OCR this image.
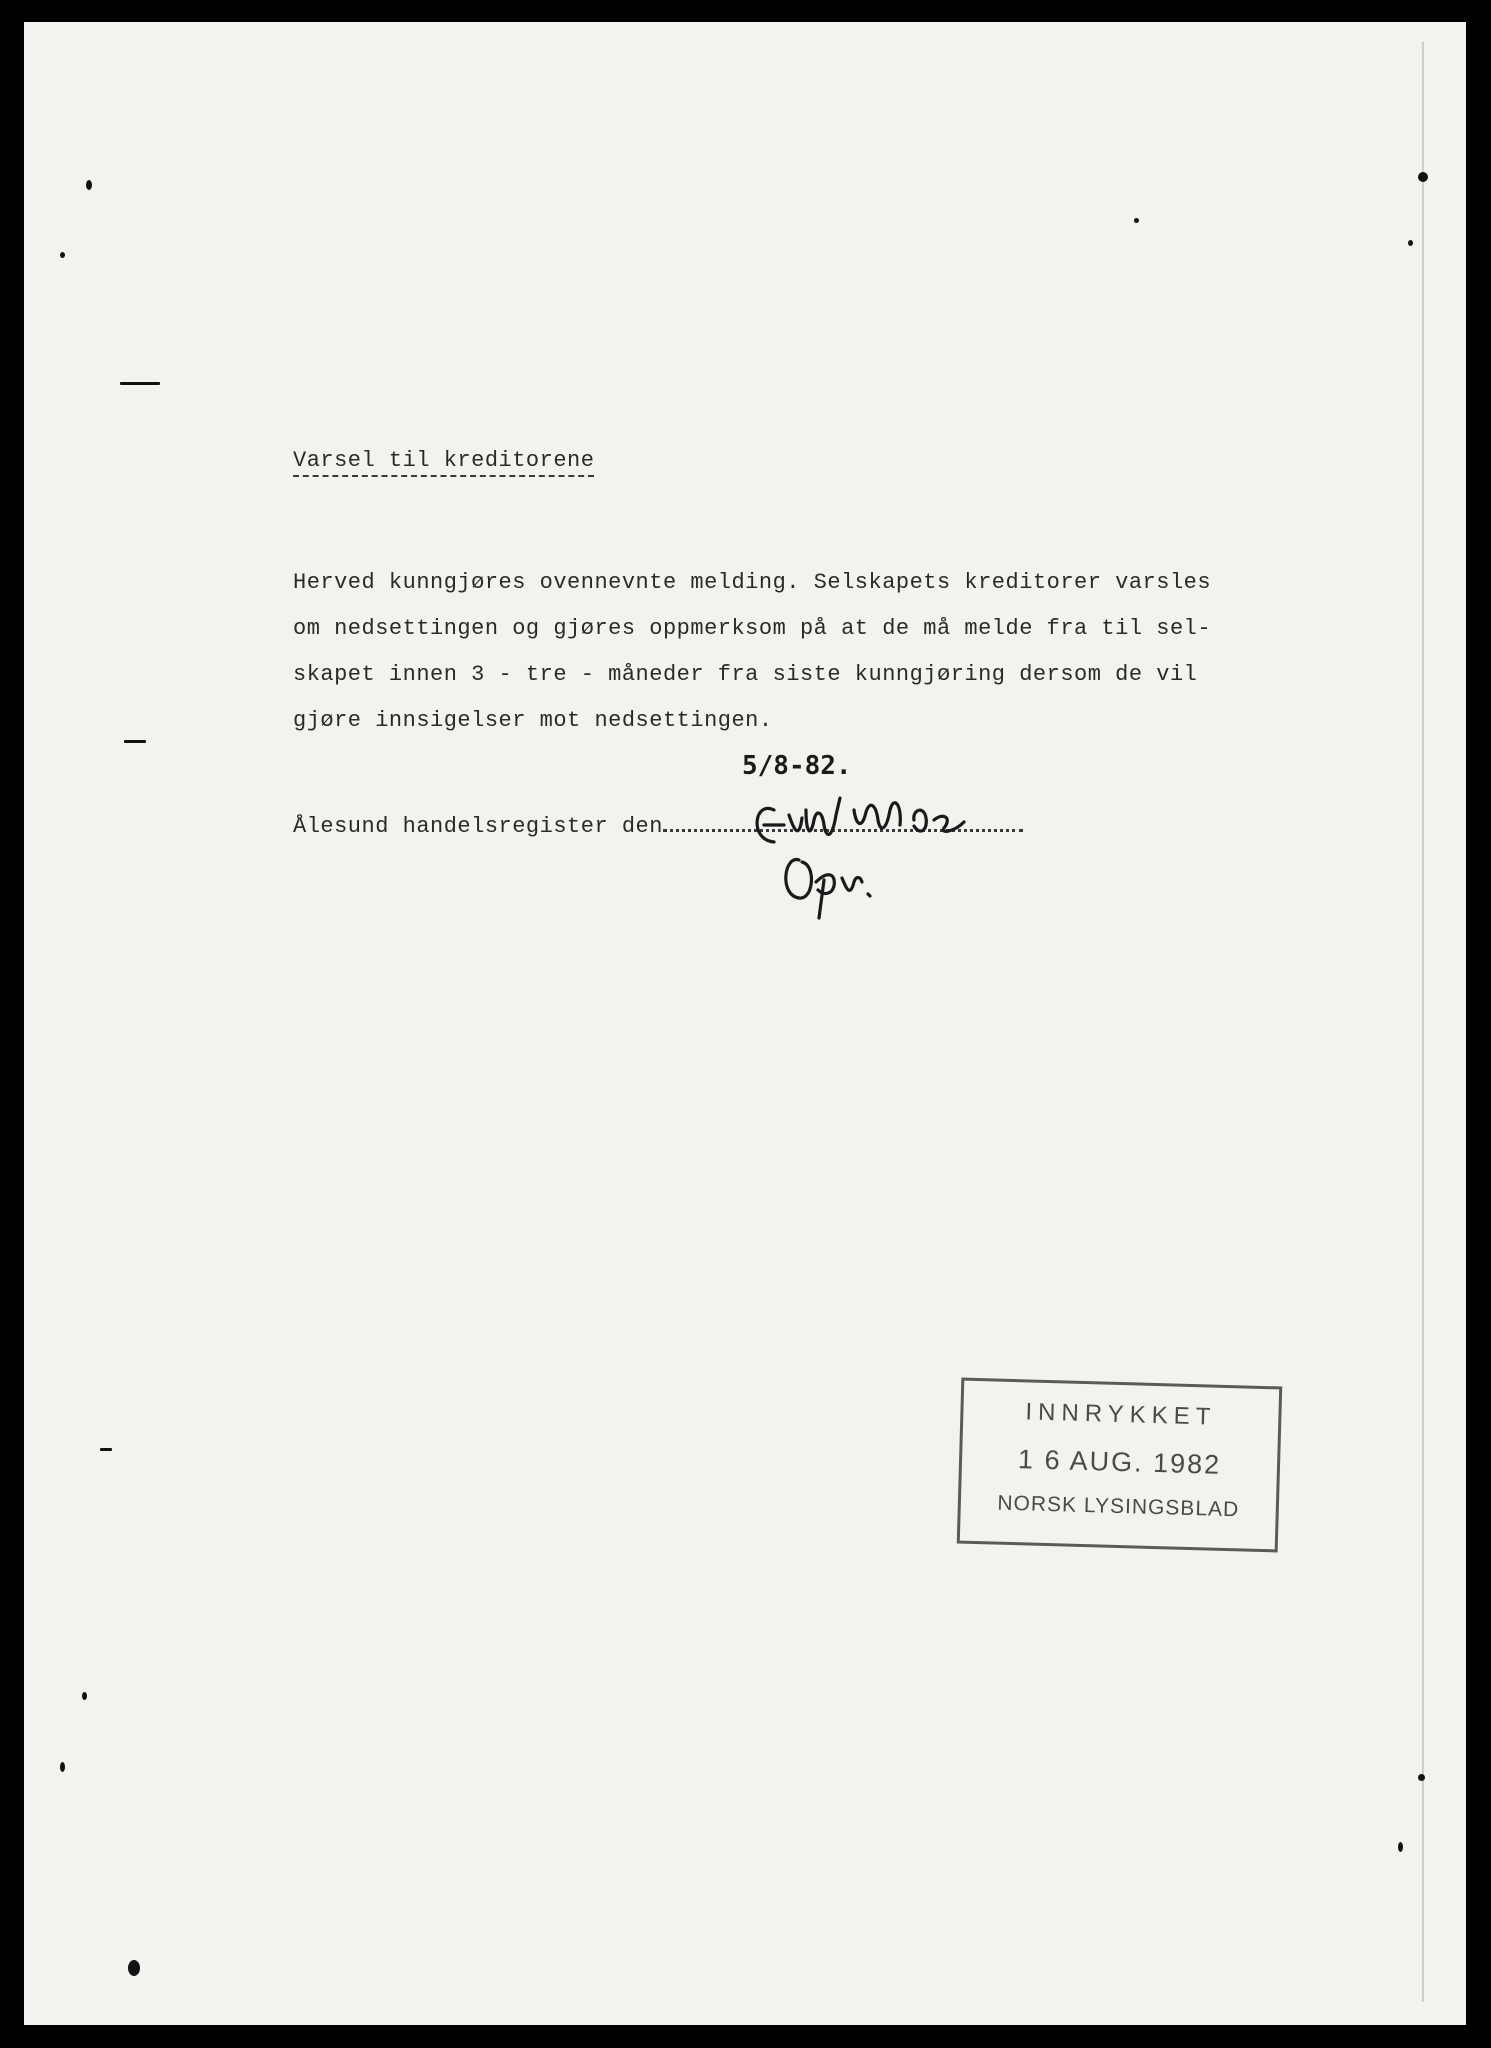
Varsel til kreditorene
Herved kunngjøres ovennevnte melding. Selskapets kreditorer varsles
om nedsettingen og gjøres oppmerksom på at de må melde fra til sel-
skapet innen 3 - tre - måneder fra siste kunngjøring dersom de vil
gjøre innsigelser mot nedsettingen.
5/8-82.
Ålesund handelsregister den
INNRYKKET
1 6 AUG. 1982
NORSK LYSINGSBLAD
